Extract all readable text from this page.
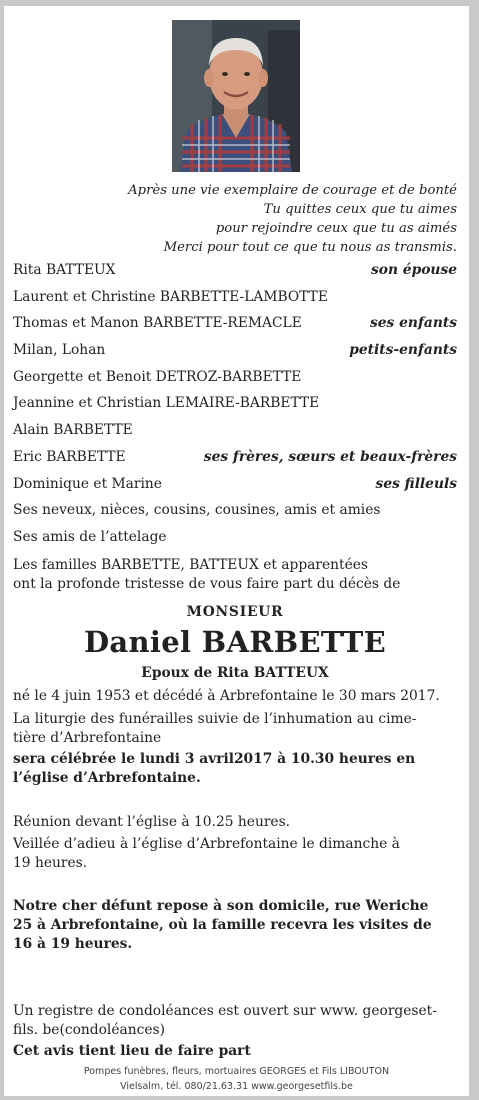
Après une vie exemplaire de courage et de bonté
Tu quittes ceux que tu aimes
pour rejoindre ceux que tu as aimés
Merci pour tout ce que tu nous as transmis.
Rita BATTEUX	son épouse
Laurent et Christine BARBETTE-LAMBOTTE
Thomas et Manon BARBETTE-REMACLE	ses enfants
Milan, Lohan	petits-enfants
Georgette et Benoit DETROZ-BARBETTE
Jeannine et Christian LEMAIRE-BARBETTE
Alain BARBETTE
Eric BARBETTE	ses frères, sœurs et beaux-frères
Dominique et Marine	ses filleuls
Ses neveux, nièces, cousins, cousines, amis et amies
Ses amis de l’attelage
Les familles BARBETTE, BATTEUX et apparentées
ont la profonde tristesse de vous faire part du décès de
MONSIEUR
Daniel BARBETTE
Epoux de Rita BATTEUX
né le 4 juin 1953 et décédé à Arbrefontaine le 30 mars 2017.
La liturgie des funérailles suivie de l’inhumation au cime-
tière d’Arbrefontaine
sera célébrée le lundi 3 avril2017 à 10.30 heures en
l’église d’Arbrefontaine.
Réunion devant l’église à 10.25 heures.
Veillée d’adieu à l’église d’Arbrefontaine le dimanche à
19 heures.
Notre cher défunt repose à son domicile, rue Weriche
25 à Arbrefontaine, où la famille recevra les visites de
16 à 19 heures.
Un registre de condoléances est ouvert sur www. georgeset-
fils. be(condoléances)
Cet avis tient lieu de faire part
Pompes funèbres, fleurs, mortuaires GEORGES et Fils LIBOUTON
Vielsalm, tél. 080/21.63.31 www.georgesetfils.be
